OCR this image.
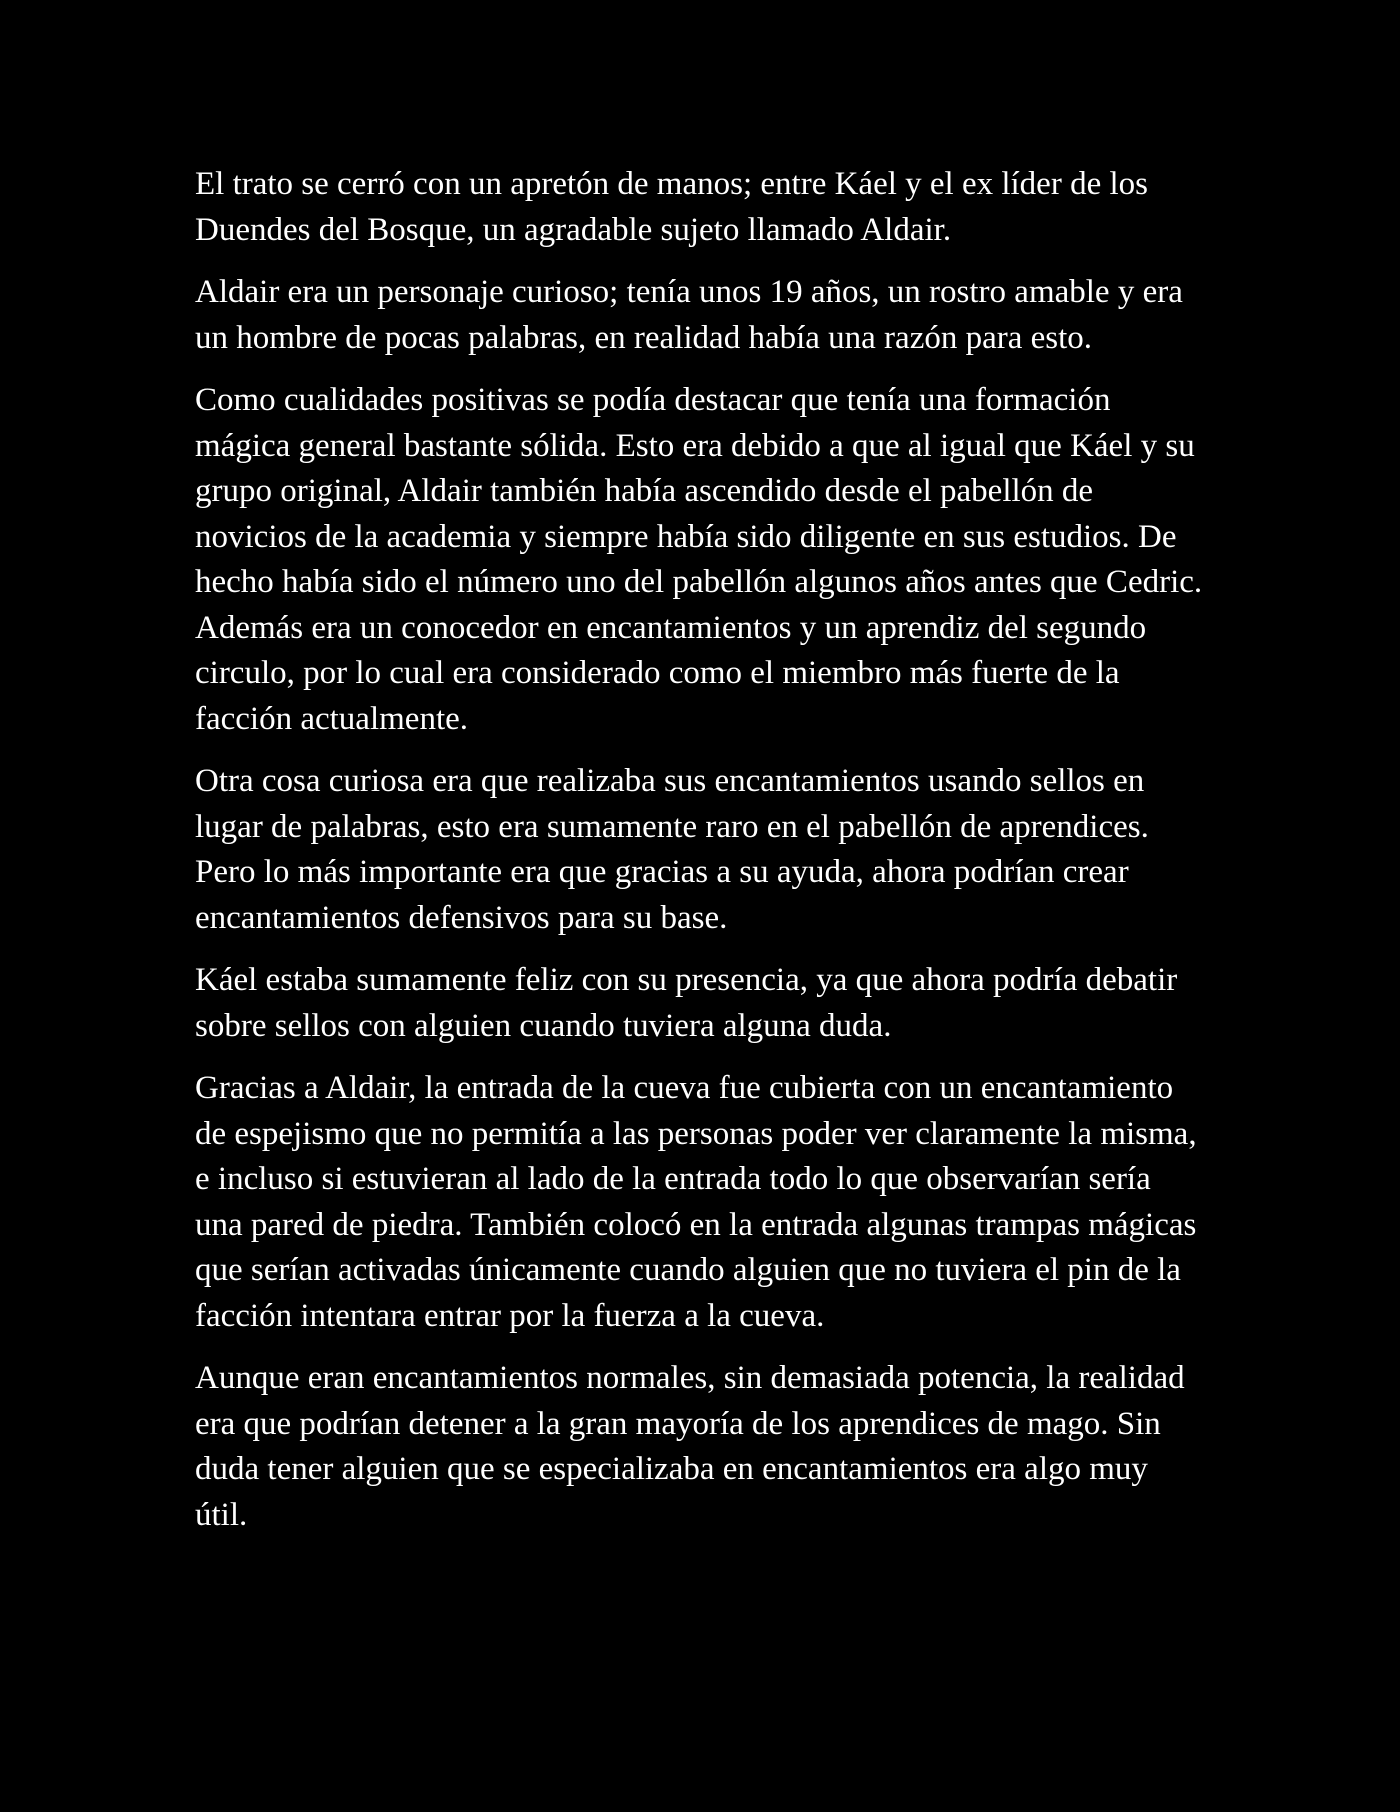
El trato se cerró con un apretón de manos; entre Káel y el ex líder de los Duendes del Bosque, un agradable sujeto llamado Aldair.

Aldair era un personaje curioso; tenía unos 19 años, un rostro amable y era un hombre de pocas palabras, en realidad había una razón para esto.

Como cualidades positivas se podía destacar que tenía una formación mágica general bastante sólida. Esto era debido a que al igual que Káel y su grupo original, Aldair también había ascendido desde el pabellón de novicios de la academia y siempre había sido diligente en sus estudios. De hecho había sido el número uno del pabellón algunos años antes que Cedric. Además era un conocedor en encantamientos y un aprendiz del segundo circulo, por lo cual era considerado como el miembro más fuerte de la facción actualmente.

Otra cosa curiosa era que realizaba sus encantamientos usando sellos en lugar de palabras, esto era sumamente raro en el pabellón de aprendices. Pero lo más importante era que gracias a su ayuda, ahora podrían crear encantamientos defensivos para su base.

Káel estaba sumamente feliz con su presencia, ya que ahora podría debatir sobre sellos con alguien cuando tuviera alguna duda.

Gracias a Aldair, la entrada de la cueva fue cubierta con un encantamiento de espejismo que no permitía a las personas poder ver claramente la misma, e incluso si estuvieran al lado de la entrada todo lo que observarían sería una pared de piedra. También colocó en la entrada algunas trampas mágicas que serían activadas únicamente cuando alguien que no tuviera el pin de la facción intentara entrar por la fuerza a la cueva.

Aunque eran encantamientos normales, sin demasiada potencia, la realidad era que podrían detener a la gran mayoría de los aprendices de mago. Sin duda tener alguien que se especializaba en encantamientos era algo muy útil.
